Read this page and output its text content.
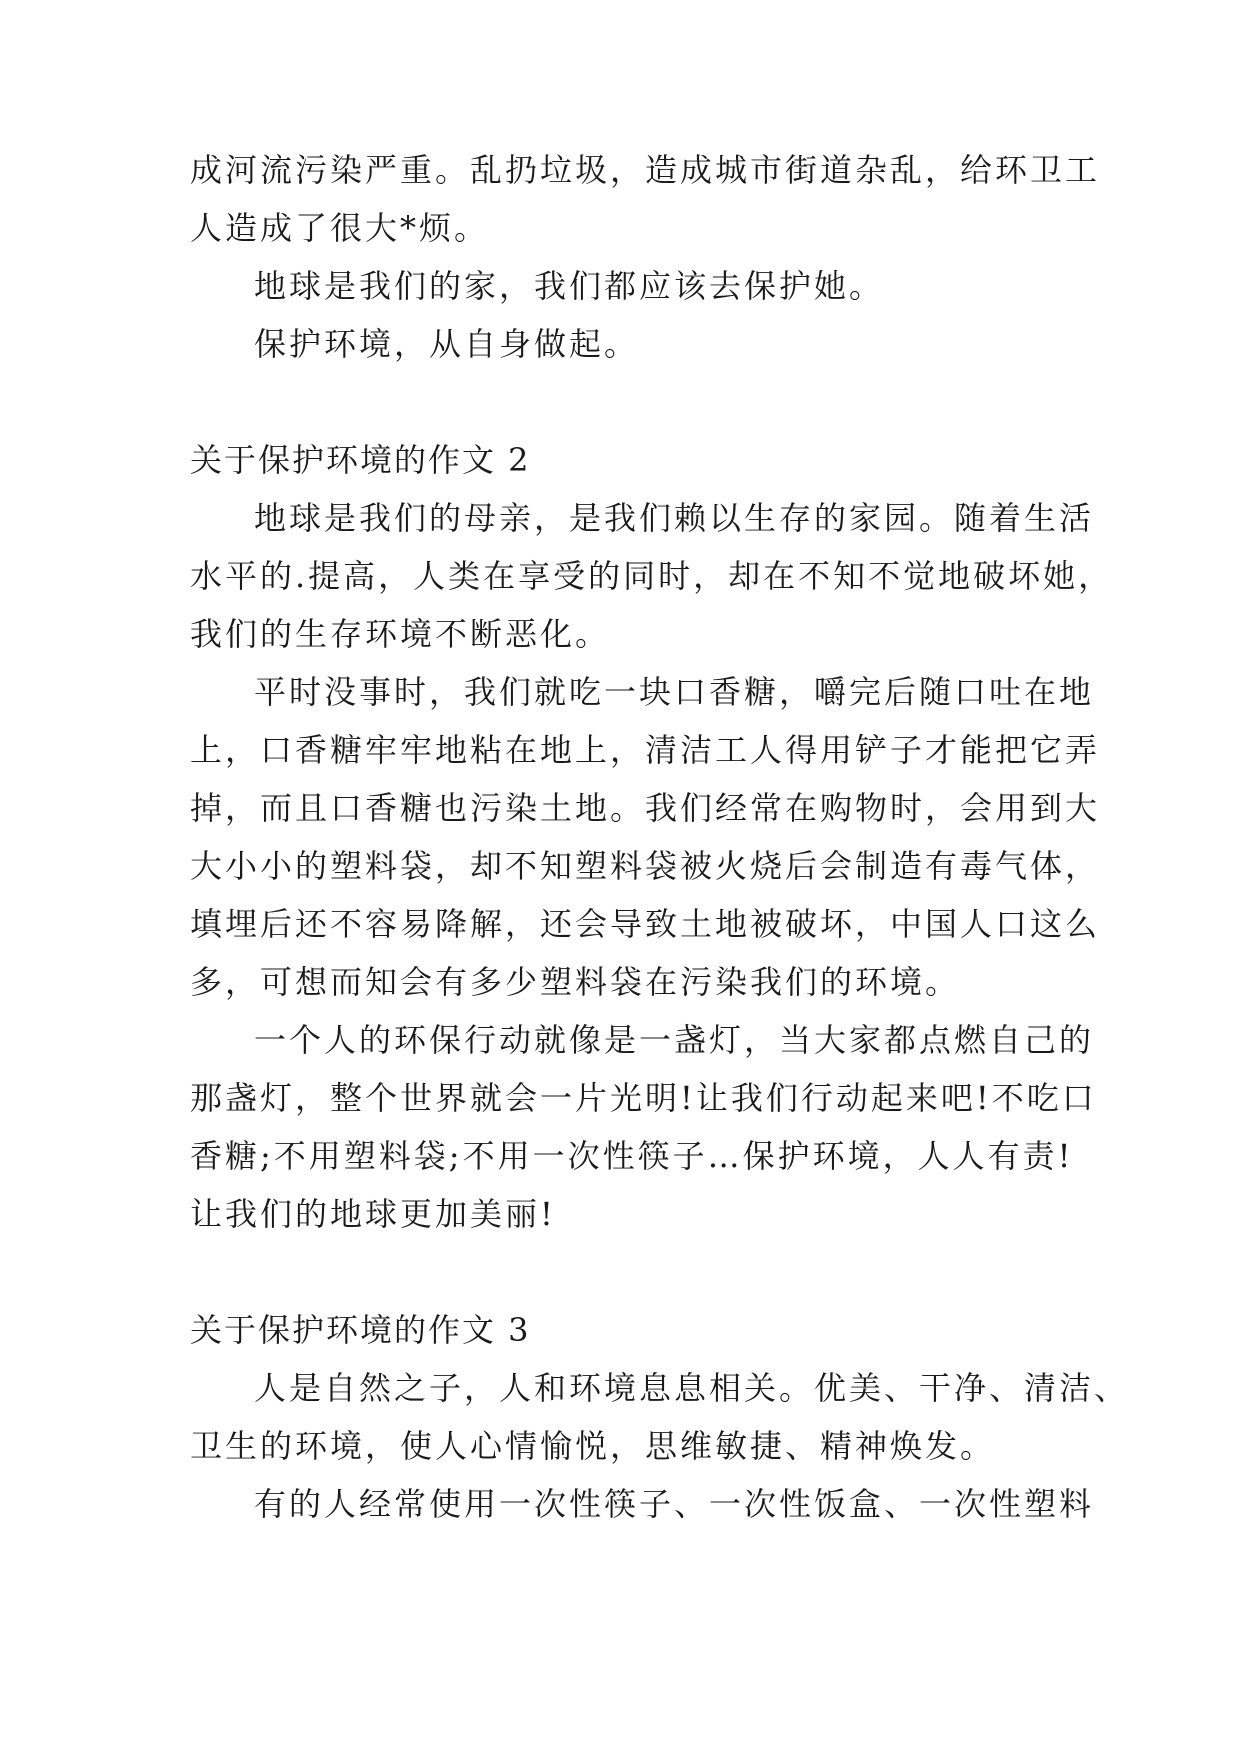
成河流污染严重。乱扔垃圾，造成城市街道杂乱，给环卫工
人造成了很大*烦。
地球是我们的家，我们都应该去保护她。
保护环境，从自身做起。
关于保护环境的作文 2
地球是我们的母亲，是我们赖以生存的家园。随着生活
水平的.提高，人类在享受的同时，却在不知不觉地破坏她，
我们的生存环境不断恶化。
平时没事时，我们就吃一块口香糖，嚼完后随口吐在地
上，口香糖牢牢地粘在地上，清洁工人得用铲子才能把它弄
掉，而且口香糖也污染土地。我们经常在购物时，会用到大
大小小的塑料袋，却不知塑料袋被火烧后会制造有毒气体，
填埋后还不容易降解，还会导致土地被破坏，中国人口这么
多，可想而知会有多少塑料袋在污染我们的环境。
一个人的环保行动就像是一盏灯，当大家都点燃自己的
那盏灯，整个世界就会一片光明!让我们行动起来吧!不吃口
香糖;不用塑料袋;不用一次性筷子…保护环境，人人有责!
让我们的地球更加美丽!
关于保护环境的作文 3
人是自然之子，人和环境息息相关。优美、干净、清洁、
卫生的环境，使人心情愉悦，思维敏捷、精神焕发。
有的人经常使用一次性筷子、一次性饭盒、一次性塑料
